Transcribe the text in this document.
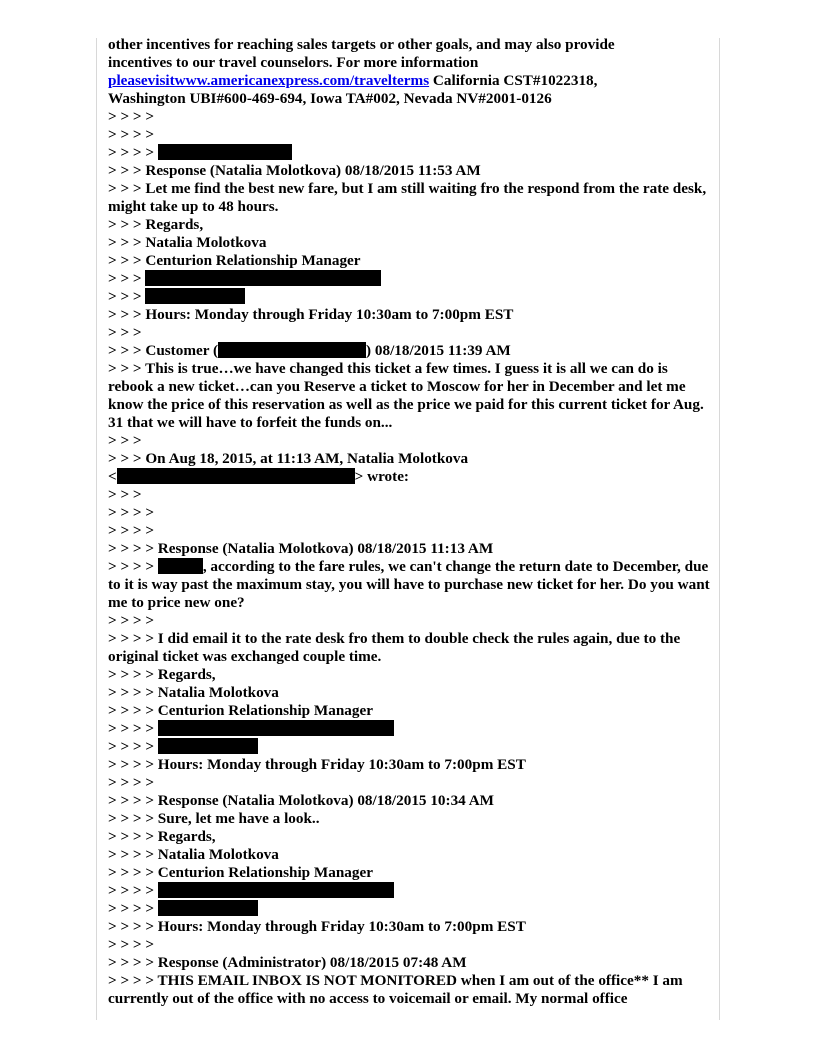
other incentives for reaching sales targets or other goals, and may also provide
incentives to our travel counselors. For more information
pleasevisitwww.americanexpress.com/travelterms California CST#1022318,
Washington UBI#600-469-694, Iowa TA#002, Nevada NV#2001-0126
> > > >
> > > >
> > > >
> > > Response (Natalia Molotkova) 08/18/2015 11:53 AM
> > > Let me find the best new fare, but I am still waiting fro the respond from the rate desk, might take up to 48 hours.
> > > Regards,
> > > Natalia Molotkova
> > > Centurion Relationship Manager
> > >
> > >
> > > Hours: Monday through Friday 10:30am to 7:00pm EST
> > >
> > > Customer (	) 08/18/2015 11:39 AM
> > > This is true…we have changed this ticket a few times. I guess it is all we can do is rebook a new ticket…can you Reserve a ticket to Moscow for her in December and let me know the price of this reservation as well as the price we paid for this current ticket for Aug. 31 that we will have to forfeit the funds on...
> > >
> > > On Aug 18, 2015, at 11:13 AM, Natalia Molotkova
<	> wrote:
> > >
> > > >
> > > >
> > > > Response (Natalia Molotkova) 08/18/2015 11:13 AM
> > > >	, according to the fare rules, we can't change the return date to December, due to it is way past the maximum stay, you will have to purchase new ticket for her. Do you want me to price new one?
> > > >
> > > > I did email it to the rate desk fro them to double check the rules again, due to the original ticket was exchanged couple time.
> > > > Regards,
> > > > Natalia Molotkova
> > > > Centurion Relationship Manager
> > > >
> > > >
> > > > Hours: Monday through Friday 10:30am to 7:00pm EST
> > > >
> > > > Response (Natalia Molotkova) 08/18/2015 10:34 AM
> > > > Sure, let me have a look..
> > > > Regards,
> > > > Natalia Molotkova
> > > > Centurion Relationship Manager
> > > >
> > > >
> > > > Hours: Monday through Friday 10:30am to 7:00pm EST
> > > >
> > > > Response (Administrator) 08/18/2015 07:48 AM
> > > > THIS EMAIL INBOX IS NOT MONITORED when I am out of the office** I am currently out of the office with no access to voicemail or email. My normal office
